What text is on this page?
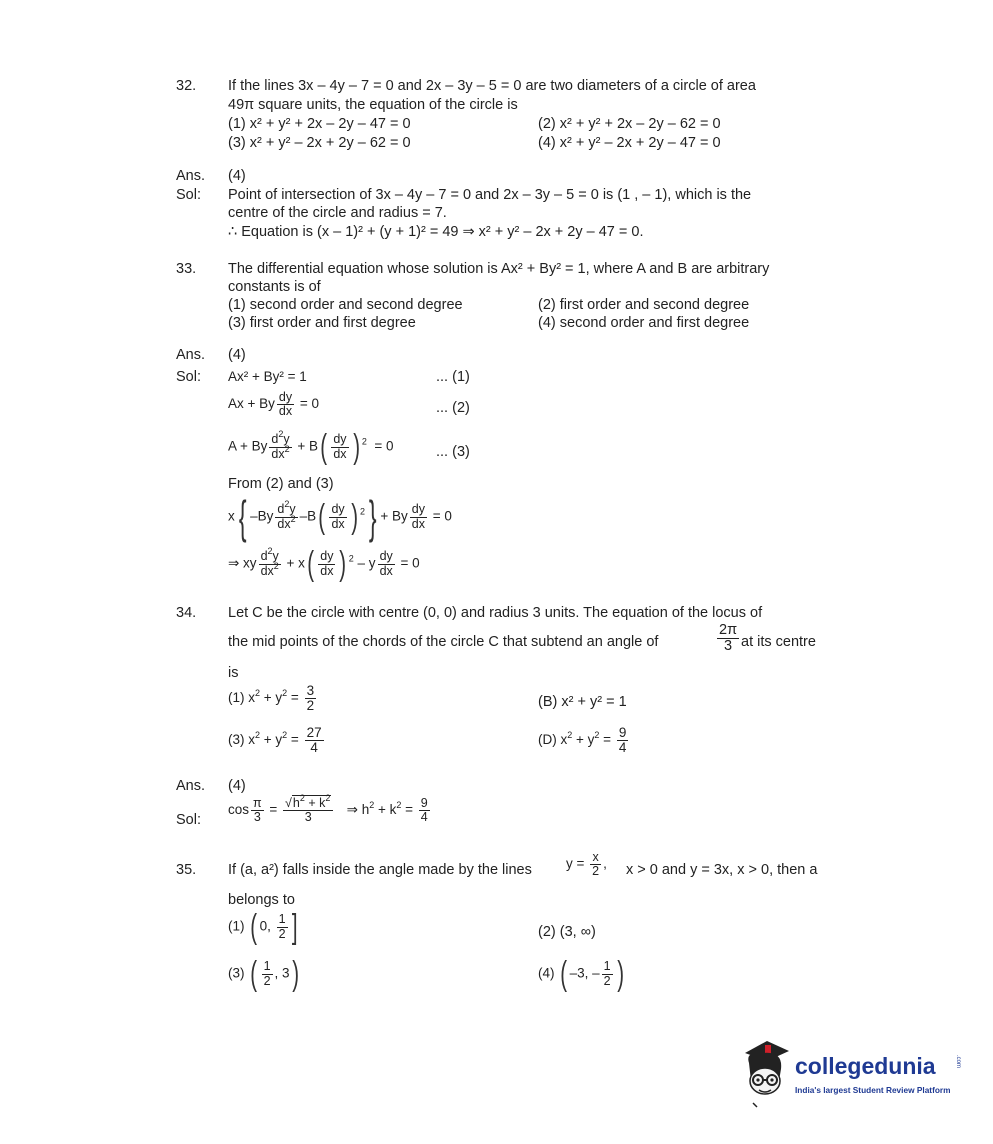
32. If the lines 3x – 4y – 7 = 0 and 2x – 3y – 5 = 0 are two diameters of a circle of area
49π square units, the equation of the circle is
(1) x² + y² + 2x – 2y – 47 = 0	(2) x² + y² + 2x – 2y – 62 = 0
(3) x² + y² – 2x + 2y – 62 = 0	(4) x² + y² – 2x + 2y – 47 = 0
Ans. (4)
Sol: Point of intersection of 3x – 4y – 7 = 0 and 2x – 3y – 5 = 0 is (1 , – 1), which is the
centre of the circle and radius = 7.
∴ Equation is (x – 1)² + (y + 1)² = 49 ⇒ x² + y² – 2x + 2y – 47 = 0.
33. The differential equation whose solution is Ax² + By² = 1, where A and B are arbitrary
constants is of
(1) second order and second degree	(2) first order and second degree
(3) first order and first degree	(4) second order and first degree
Ans. (4)
Sol: Ax² + By² = 1	... (1)
Ax + By $\frac{dy}{dx} = 0$	... (2)
A + By $\frac{d^2y}{dx^2} + B( \frac{dy}{dx}$ ) $^2$  = 0	... (3)
From (2) and (3)
x{ $-By \frac{d^2y}{dx^2} -B( \frac{dy}{dx}$ ) $^2$} + By $\frac{dy}{dx} = 0$
⇒ xy $\frac{d^2y}{dx^2} + x( \frac{dy}{dx}$ ) $^2$ – y $\frac{dy}{dx} = 0$
34. Let C be the circle with centre (0, 0) and radius 3 units. The equation of the locus of
the mid points of the chords of the circle C that subtend an angle of	$\frac{2\pi}{3}$ at its centre
is
(1) $x^2 + y^2 = \frac{3}{2}$	(B) x² + y² = 1
(3) $x^2 + y^2 = \frac{27}{4}$	(D) $x^2 + y^2 = \frac{9}{4}$
Ans. (4)
Sol:
$\cos \frac{\pi}{3} = \frac{√h^2 + k^2}{3}$ ⇒ $h^2 + k^2 = \frac{9}{4}$
35. If (a, a²) falls inside the angle made by the lines	$y = \frac{x}{2}$ , x > 0 and y = 3x, x > 0, then a
belongs to
(1) ( 0, $\frac{1}{2}$ ]	(2) (3, ∞)
(3) ( $\frac{1}{2}$ , 3)	(4) ( –3, – $\frac{1}{2}$ )
collegedunia	.com
India's largest Student Review Platform
